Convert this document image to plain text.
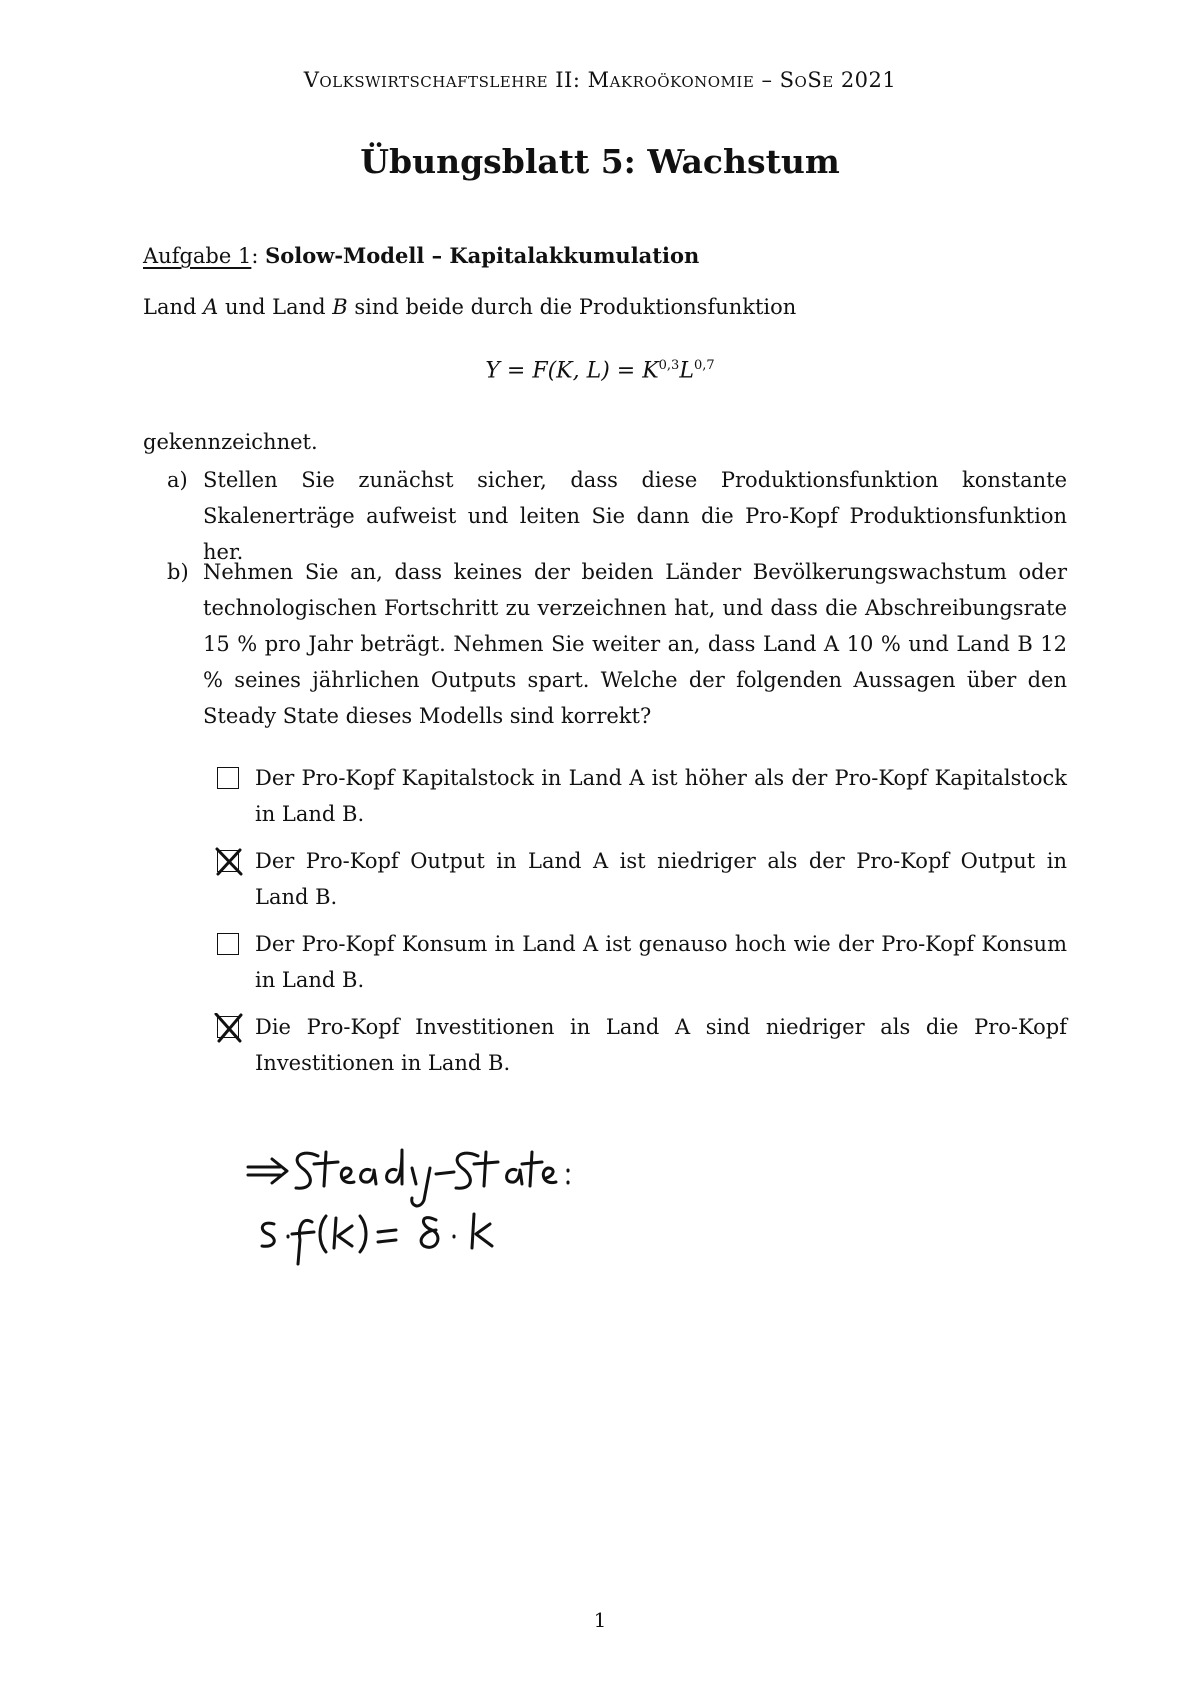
Volkswirtschaftslehre II: Makroökonomie – SoSe 2021
Übungsblatt 5: Wachstum
Aufgabe 1: Solow-Modell – Kapitalakkumulation
Land A und Land B sind beide durch die Produktionsfunktion
Y = F(K, $L) = K^{0,3}L^{0,7}$
gekennzeichnet.
a) Stellen Sie zunächst sicher, dass diese Produktionsfunktion konstante Skalenerträge aufweist und leiten Sie dann die Pro-Kopf Produktionsfunktion her.
b) Nehmen Sie an, dass keines der beiden Länder Bevölkerungswachstum oder technologischen Fortschritt zu verzeichnen hat, und dass die Abschreibungsrate 15 % pro Jahr beträgt. Nehmen Sie weiter an, dass Land A 10 % und Land B 12 % seines jährlichen Outputs spart. Welche der folgenden Aussagen über den Steady State dieses Modells sind korrekt?
Der Pro-Kopf Kapitalstock in Land A ist höher als der Pro-Kopf Kapitalstock in Land B.
Der Pro-Kopf Output in Land A ist niedriger als der Pro-Kopf Output in Land B.
Der Pro-Kopf Konsum in Land A ist genauso hoch wie der Pro-Kopf Konsum in Land B.
Die Pro-Kopf Investitionen in Land A sind niedriger als die Pro-Kopf Investitionen in Land B.
1
